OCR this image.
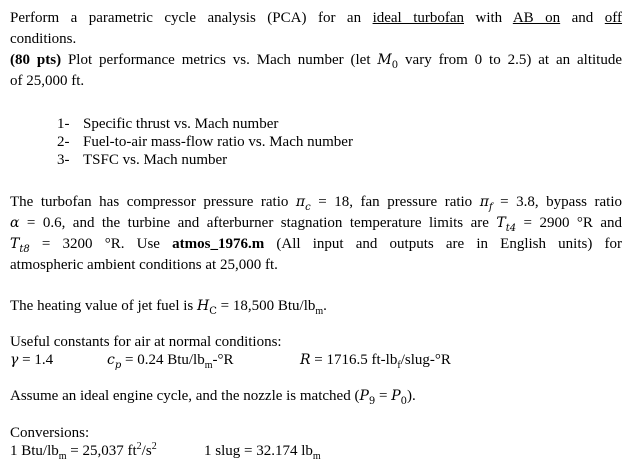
Perform a parametric cycle analysis (PCA) for an ideal turbofan with AB on and off
conditions.
(80 pts) Plot performance metrics vs. Mach number (let $M_0$ vary from 0 to 2.5) at an altitude
of 25,000 ft.
1- Specific thrust vs. Mach number
2- Fuel-to-air mass-flow ratio vs. Mach number
3- TSFC vs. Mach number
The turbofan has compressor pressure ratio $\pi_c = 18$, fan pressure ratio $\pi_f = 3.8$, bypass ratio
α = 0.6, and the turbine and afterburner stagnation temperature limits are $T_{t4} = 2900$ °R and
$T_{t8} = 3200$ °R. Use atmos_1976.m (All input and outputs are in English units) for
atmospheric ambient conditions at 25,000 ft.
The heating value of jet fuel is $H_C = 18,500$ Btu/$lb_m$.
Useful constants for air at normal conditions:
γ = 1.4	$c_p = 0.24$ Btu/$lb_m-^\circ R$	R = 1716.5 $ft-lb_f/slug-^\circ R$
Assume an ideal engine cycle, and the nozzle is matched $(P_9 = P_0)$.
Conversions:
1 Btu/$lb_m = 25,037$ $ft^2/s^2$	1 slug = 32.174 $lb_m$
